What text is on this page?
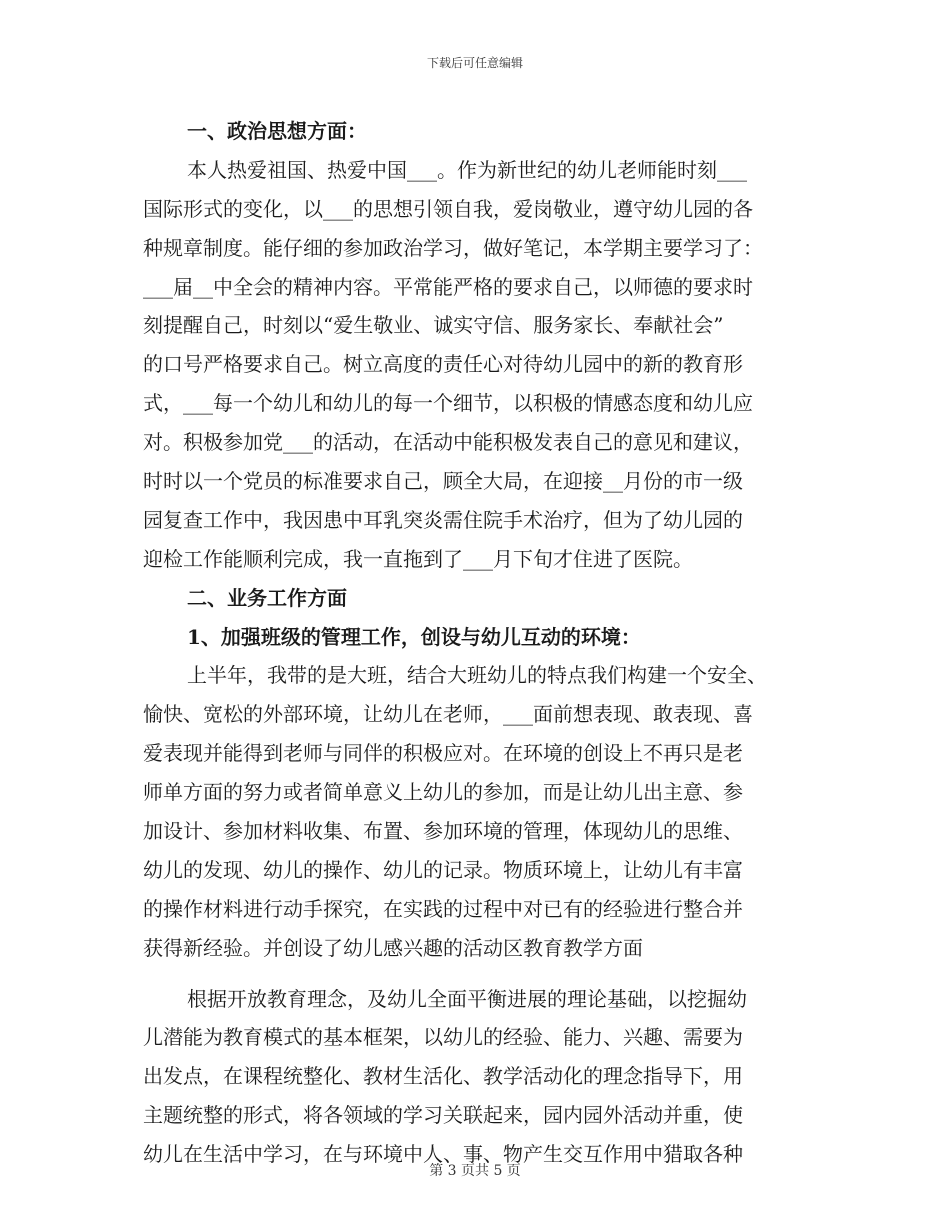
下载后可任意编辑
一、政治思想方面：
本人热爱祖国、热爱中国___。作为新世纪的幼儿老师能时刻___
国际形式的变化，以___的思想引领自我，爱岗敬业，遵守幼儿园的各
种规章制度。能仔细的参加政治学习，做好笔记，本学期主要学习了：
___届__中全会的精神内容。平常能严格的要求自己，以师德的要求时
刻提醒自己，时刻以“爱生敬业、诚实守信、服务家长、奉献社会”
的口号严格要求自己。树立高度的责任心对待幼儿园中的新的教育形
式，___每一个幼儿和幼儿的每一个细节，以积极的情感态度和幼儿应
对。积极参加党___的活动，在活动中能积极发表自己的意见和建议，
时时以一个党员的标准要求自己，顾全大局，在迎接__月份的市一级
园复查工作中，我因患中耳乳突炎需住院手术治疗，但为了幼儿园的
迎检工作能顺利完成，我一直拖到了___月下旬才住进了医院。
二、业务工作方面
1、加强班级的管理工作，创设与幼儿互动的环境：
上半年，我带的是大班，结合大班幼儿的特点我们构建一个安全、
愉快、宽松的外部环境，让幼儿在老师，___面前想表现、敢表现、喜
爱表现并能得到老师与同伴的积极应对。在环境的创设上不再只是老
师单方面的努力或者简单意义上幼儿的参加，而是让幼儿出主意、参
加设计、参加材料收集、布置、参加环境的管理，体现幼儿的思维、
幼儿的发现、幼儿的操作、幼儿的记录。物质环境上，让幼儿有丰富
的操作材料进行动手探究，在实践的过程中对已有的经验进行整合并
获得新经验。并创设了幼儿感兴趣的活动区教育教学方面
根据开放教育理念，及幼儿全面平衡进展的理论基础，以挖掘幼
儿潜能为教育模式的基本框架，以幼儿的经验、能力、兴趣、需要为
出发点，在课程统整化、教材生活化、教学活动化的理念指导下，用
主题统整的形式，将各领域的学习关联起来，园内园外活动并重，使
幼儿在生活中学习，在与环境中人、事、物产生交互作用中猎取各种
第 3 页共 5 页
